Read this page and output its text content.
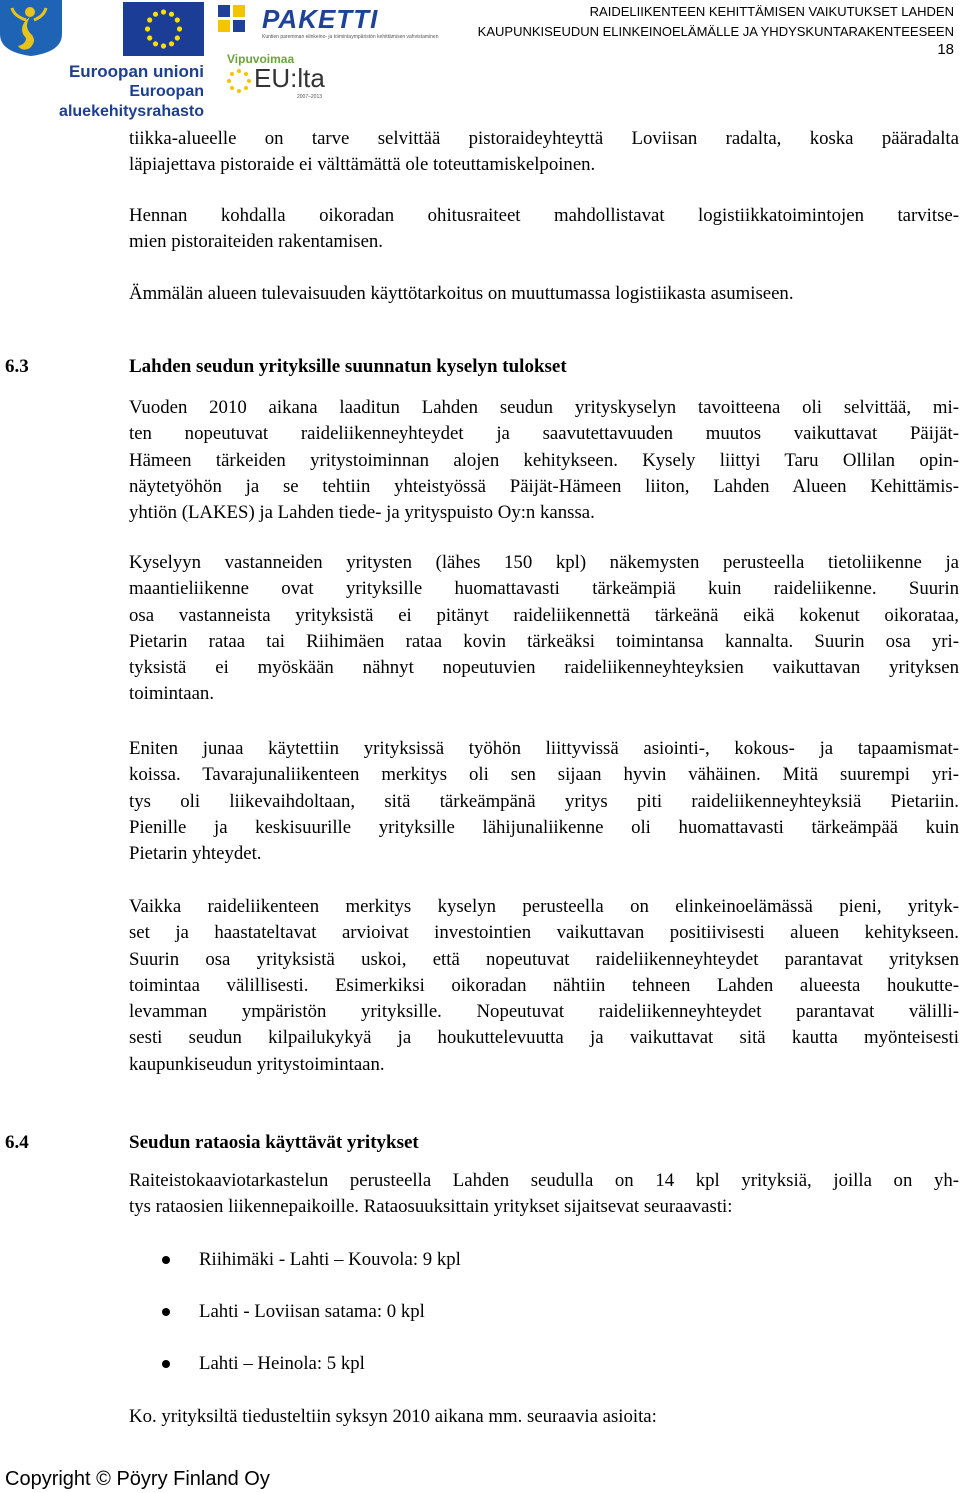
Euroopan unioni
Euroopan aluekehitysrahasto
PAKETTI
Kuntien paremman elinkeino- ja toimintaympäristön kehittämisen vahvistaminen
Vipuvoimaa
EU:lta
2007–2013
RAIDELIIKENTEEN KEHITTÄMISEN VAIKUTUKSET LAHDEN
KAUPUNKISEUDUN ELINKEINOELÄMÄLLE JA YHDYSKUNTARAKENTEESEEN
18
tiikka-alueelle on tarve selvittää pistoraideyhteyttä Loviisan radalta, koska pääradalta
läpiajettava pistoraide ei välttämättä ole toteuttamiskelpoinen.
Hennan kohdalla oikoradan ohitusraiteet mahdollistavat logistiikkatoimintojen tarvitse-
mien pistoraiteiden rakentamisen.
Ämmälän alueen tulevaisuuden käyttötarkoitus on muuttumassa logistiikasta asumiseen.
6.3	Lahden seudun yrityksille suunnatun kyselyn tulokset
Vuoden 2010 aikana laaditun Lahden seudun yrityskyselyn tavoitteena oli selvittää, mi-
ten nopeutuvat raideliikenneyhteydet ja saavutettavuuden muutos vaikuttavat Päijät-
Hämeen tärkeiden yritystoiminnan alojen kehitykseen. Kysely liittyi Taru Ollilan opin-
näytetyöhön ja se tehtiin yhteistyössä Päijät-Hämeen liiton, Lahden Alueen Kehittämis-
yhtiön (LAKES) ja Lahden tiede- ja yrityspuisto Oy:n kanssa.
Kyselyyn vastanneiden yritysten (lähes 150 kpl) näkemysten perusteella tietoliikenne ja
maantieliikenne ovat yrityksille huomattavasti tärkeämpiä kuin raideliikenne. Suurin
osa vastanneista yrityksistä ei pitänyt raideliikennettä tärkeänä eikä kokenut oikorataa,
Pietarin rataa tai Riihimäen rataa kovin tärkeäksi toimintansa kannalta. Suurin osa yri-
tyksistä ei myöskään nähnyt nopeutuvien raideliikenneyhteyksien vaikuttavan yrityksen
toimintaan.
Eniten junaa käytettiin yrityksissä työhön liittyvissä asiointi-, kokous- ja tapaamismat-
koissa. Tavarajunaliikenteen merkitys oli sen sijaan hyvin vähäinen. Mitä suurempi yri-
tys oli liikevaihdoltaan, sitä tärkeämpänä yritys piti raideliikenneyhteyksiä Pietariin.
Pienille ja keskisuurille yrityksille lähijunaliikenne oli huomattavasti tärkeämpää kuin
Pietarin yhteydet.
Vaikka raideliikenteen merkitys kyselyn perusteella on elinkeinoelämässä pieni, yrityk-
set ja haastateltavat arvioivat investointien vaikuttavan positiivisesti alueen kehitykseen.
Suurin osa yrityksistä uskoi, että nopeutuvat raideliikenneyhteydet parantavat yrityksen
toimintaa välillisesti. Esimerkiksi oikoradan nähtiin tehneen Lahden alueesta houkutte-
levamman ympäristön yrityksille. Nopeutuvat raideliikenneyhteydet parantavat välilli-
sesti seudun kilpailukykyä ja houkuttelevuutta ja vaikuttavat sitä kautta myönteisesti
kaupunkiseudun yritystoimintaan.
6.4	Seudun rataosia käyttävät yritykset
Raiteistokaaviotarkastelun perusteella Lahden seudulla on 14 kpl yrityksiä, joilla on yh-
tys rataosien liikennepaikoille. Rataosuuksittain yritykset sijaitsevat seuraavasti:
Riihimäki - Lahti – Kouvola: 9 kpl
Lahti - Loviisan satama: 0 kpl
Lahti – Heinola: 5 kpl
Ko. yrityksiltä tiedusteltiin syksyn 2010 aikana mm. seuraavia asioita:
Copyright © Pöyry Finland Oy
